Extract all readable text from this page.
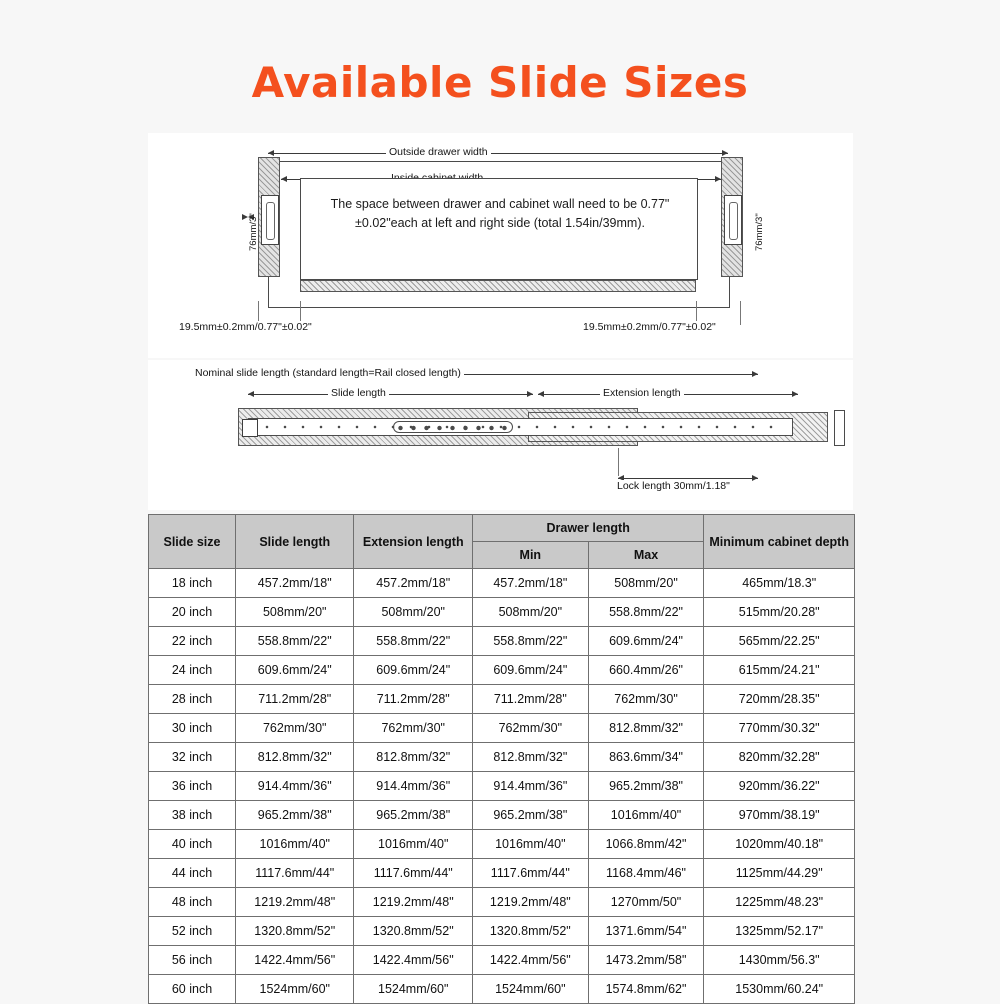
Available Slide Sizes
Outside drawer width
The space between drawer and cabinet wall need to be 0.77" ±0.02"each at left and right side (total 1.54in/39mm).
76mm/3"	76mm/3"
19.5mm±0.2mm/0.77"±0.02"	19.5mm±0.2mm/0.77"±0.02"
Nominal slide length (standard length=Rail closed length)
Slide length	Extension length
Lock length 30mm/1.18"
Slide size	Slide length	Extension length	Drawer length		Minimum cabinet depth
			Min	Max	
18 inch	457.2mm/18"	457.2mm/18"	457.2mm/18"	508mm/20"	465mm/18.3"
20 inch	508mm/20"	508mm/20"	508mm/20"	558.8mm/22"	515mm/20.28"
22 inch	558.8mm/22"	558.8mm/22"	558.8mm/22"	609.6mm/24"	565mm/22.25"
24 inch	609.6mm/24"	609.6mm/24"	609.6mm/24"	660.4mm/26"	615mm/24.21"
28 inch	711.2mm/28"	711.2mm/28"	711.2mm/28"	762mm/30"	720mm/28.35"
30 inch	762mm/30"	762mm/30"	762mm/30"	812.8mm/32"	770mm/30.32"
32 inch	812.8mm/32"	812.8mm/32"	812.8mm/32"	863.6mm/34"	820mm/32.28"
36 inch	914.4mm/36"	914.4mm/36"	914.4mm/36"	965.2mm/38"	920mm/36.22"
38 inch	965.2mm/38"	965.2mm/38"	965.2mm/38"	1016mm/40"	970mm/38.19"
40 inch	1016mm/40"	1016mm/40"	1016mm/40"	1066.8mm/42"	1020mm/40.18"
44 inch	1117.6mm/44"	1117.6mm/44"	1117.6mm/44"	1168.4mm/46"	1125mm/44.29"
48 inch	1219.2mm/48"	1219.2mm/48"	1219.2mm/48"	1270mm/50"	1225mm/48.23"
52 inch	1320.8mm/52"	1320.8mm/52"	1320.8mm/52"	1371.6mm/54"	1325mm/52.17"
56 inch	1422.4mm/56"	1422.4mm/56"	1422.4mm/56"	1473.2mm/58"	1430mm/56.3"
60 inch	1524mm/60"	1524mm/60"	1524mm/60"	1574.8mm/62"	1530mm/60.24"
